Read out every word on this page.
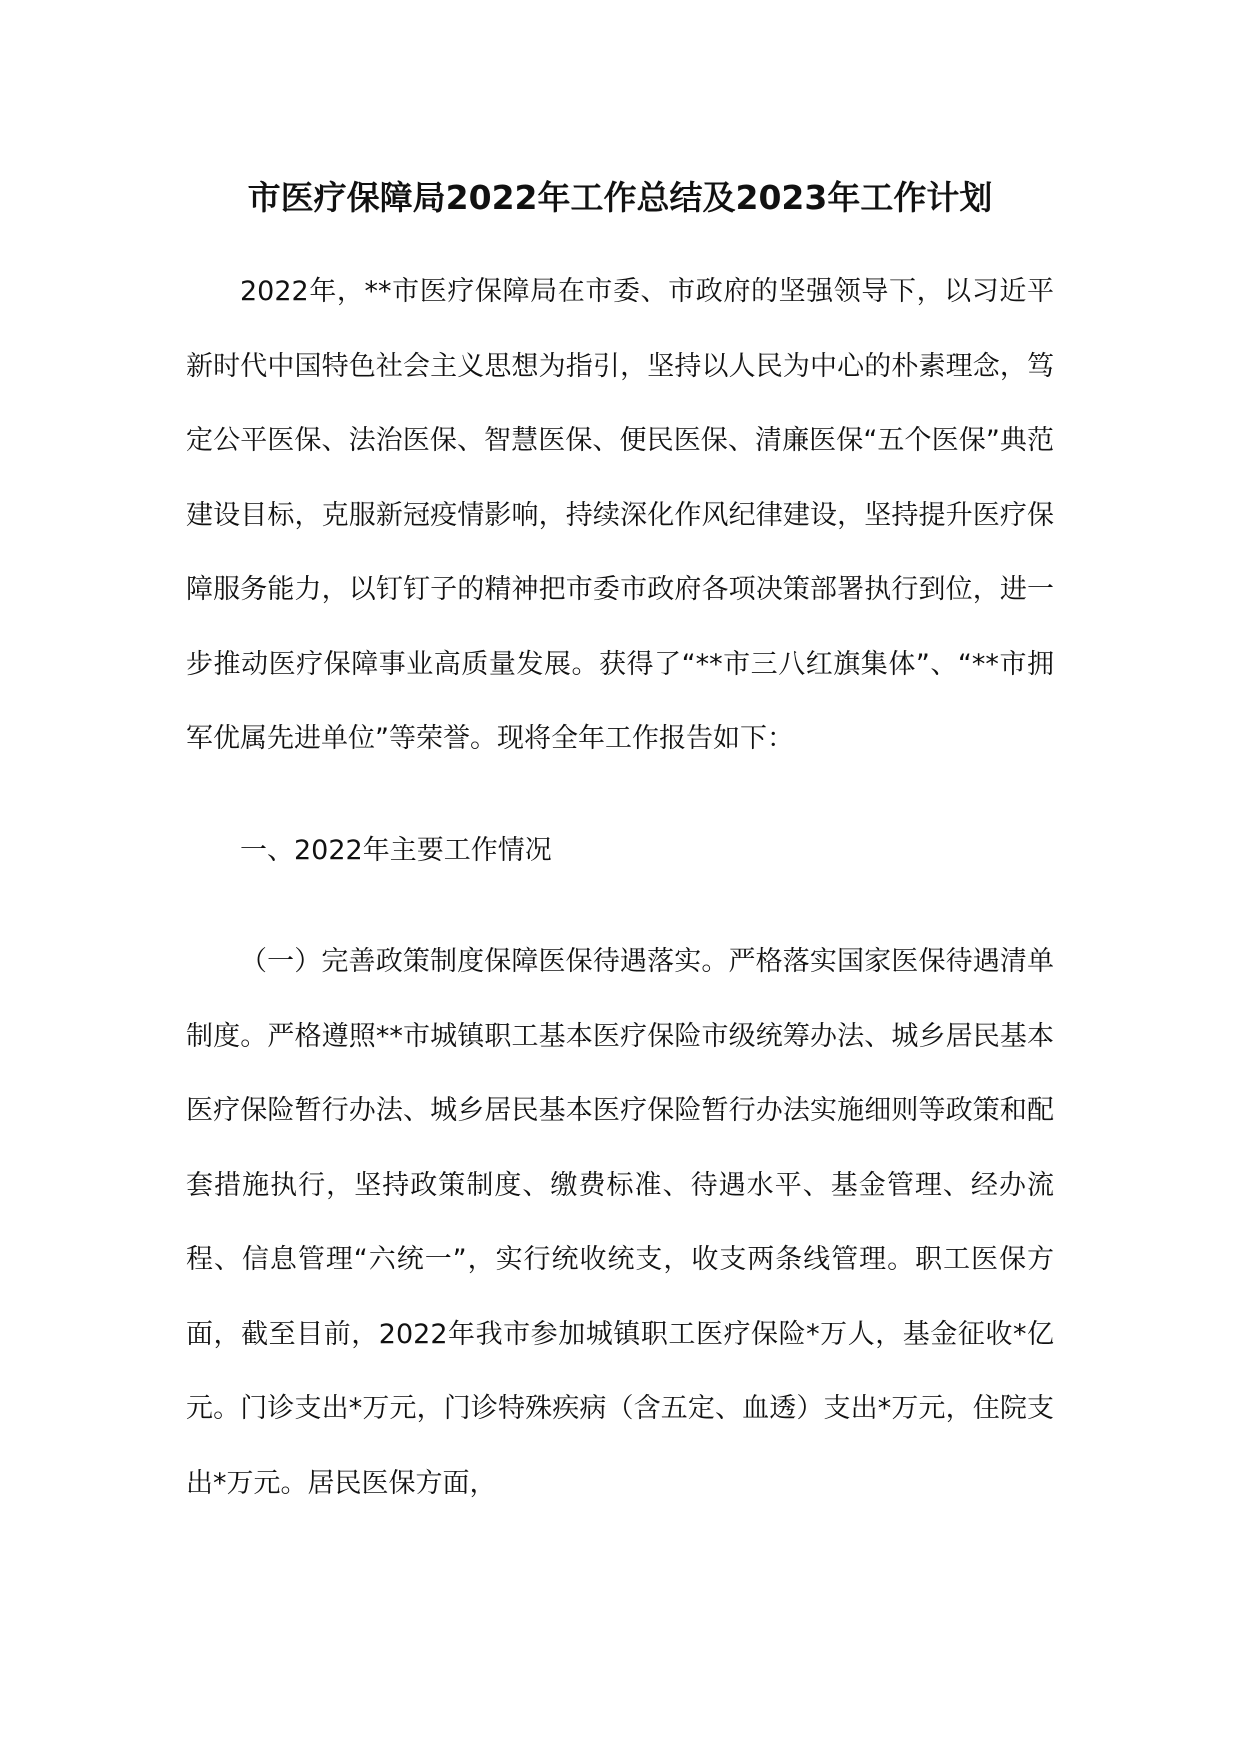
市医疗保障局2022年工作总结及2023年工作计划

2022年，**市医疗保障局在市委、市政府的坚强领导下，以习近平新时代中国特色社会主义思想为指引，坚持以人民为中心的朴素理念，笃定公平医保、法治医保、智慧医保、便民医保、清廉医保“五个医保”典范建设目标，克服新冠疫情影响，持续深化作风纪律建设，坚持提升医疗保障服务能力，以钉钉子的精神把市委市政府各项决策部署执行到位，进一步推动医疗保障事业高质量发展。获得了“**市三八红旗集体”、“**市拥军优属先进单位”等荣誉。现将全年工作报告如下：

一、2022年主要工作情况

（一）完善政策制度保障医保待遇落实。严格落实国家医保待遇清单制度。严格遵照**市城镇职工基本医疗保险市级统筹办法、城乡居民基本医疗保险暂行办法、城乡居民基本医疗保险暂行办法实施细则等政策和配套措施执行，坚持政策制度、缴费标准、待遇水平、基金管理、经办流程、信息管理“六统一”，实行统收统支，收支两条线管理。职工医保方面，截至目前，2022年我市参加城镇职工医疗保险*万人，基金征收*亿元。门诊支出*万元，门诊特殊疾病（含五定、血透）支出*万元，住院支出*万元。居民医保方面，
